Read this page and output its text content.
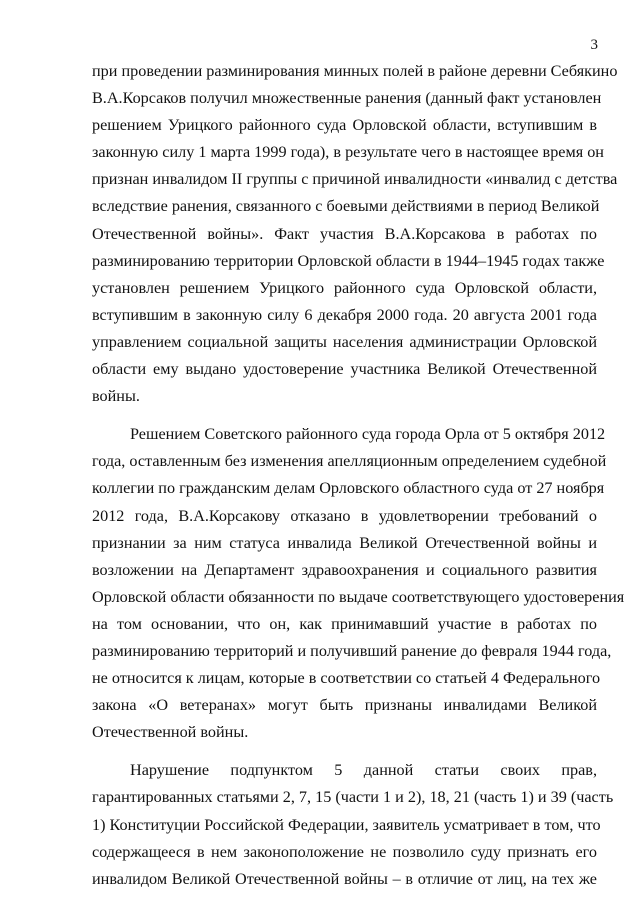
3

при проведении разминирования минных полей в районе деревни Себякино
В.А.Корсаков получил множественные ранения (данный факт установлен
решением Урицкого районного суда Орловской области, вступившим в
законную силу 1 марта 1999 года), в результате чего в настоящее время он
признан инвалидом II группы с причиной инвалидности «инвалид с детства
вследствие ранения, связанного с боевыми действиями в период Великой
Отечественной войны». Факт участия В.А.Корсакова в работах по
разминированию территории Орловской области в 1944–1945 годах также
установлен решением Урицкого районного суда Орловской области,
вступившим в законную силу 6 декабря 2000 года. 20 августа 2001 года
управлением социальной защиты населения администрации Орловской
области ему выдано удостоверение участника Великой Отечественной
войны.

Решением Советского районного суда города Орла от 5 октября 2012
года, оставленным без изменения апелляционным определением судебной
коллегии по гражданским делам Орловского областного суда от 27 ноября
2012 года, В.А.Корсакову отказано в удовлетворении требований о
признании за ним статуса инвалида Великой Отечественной войны и
возложении на Департамент здравоохранения и социального развития
Орловской области обязанности по выдаче соответствующего удостоверения
на том основании, что он, как принимавший участие в работах по
разминированию территорий и получивший ранение до февраля 1944 года,
не относится к лицам, которые в соответствии со статьей 4 Федерального
закона «О ветеранах» могут быть признаны инвалидами Великой
Отечественной войны.

Нарушение подпунктом 5 данной статьи своих прав,
гарантированных статьями 2, 7, 15 (части 1 и 2), 18, 21 (часть 1) и 39 (часть
1) Конституции Российской Федерации, заявитель усматривает в том, что
содержащееся в нем законоположение не позволило суду признать его
инвалидом Великой Отечественной войны – в отличие от лиц, на тех же
